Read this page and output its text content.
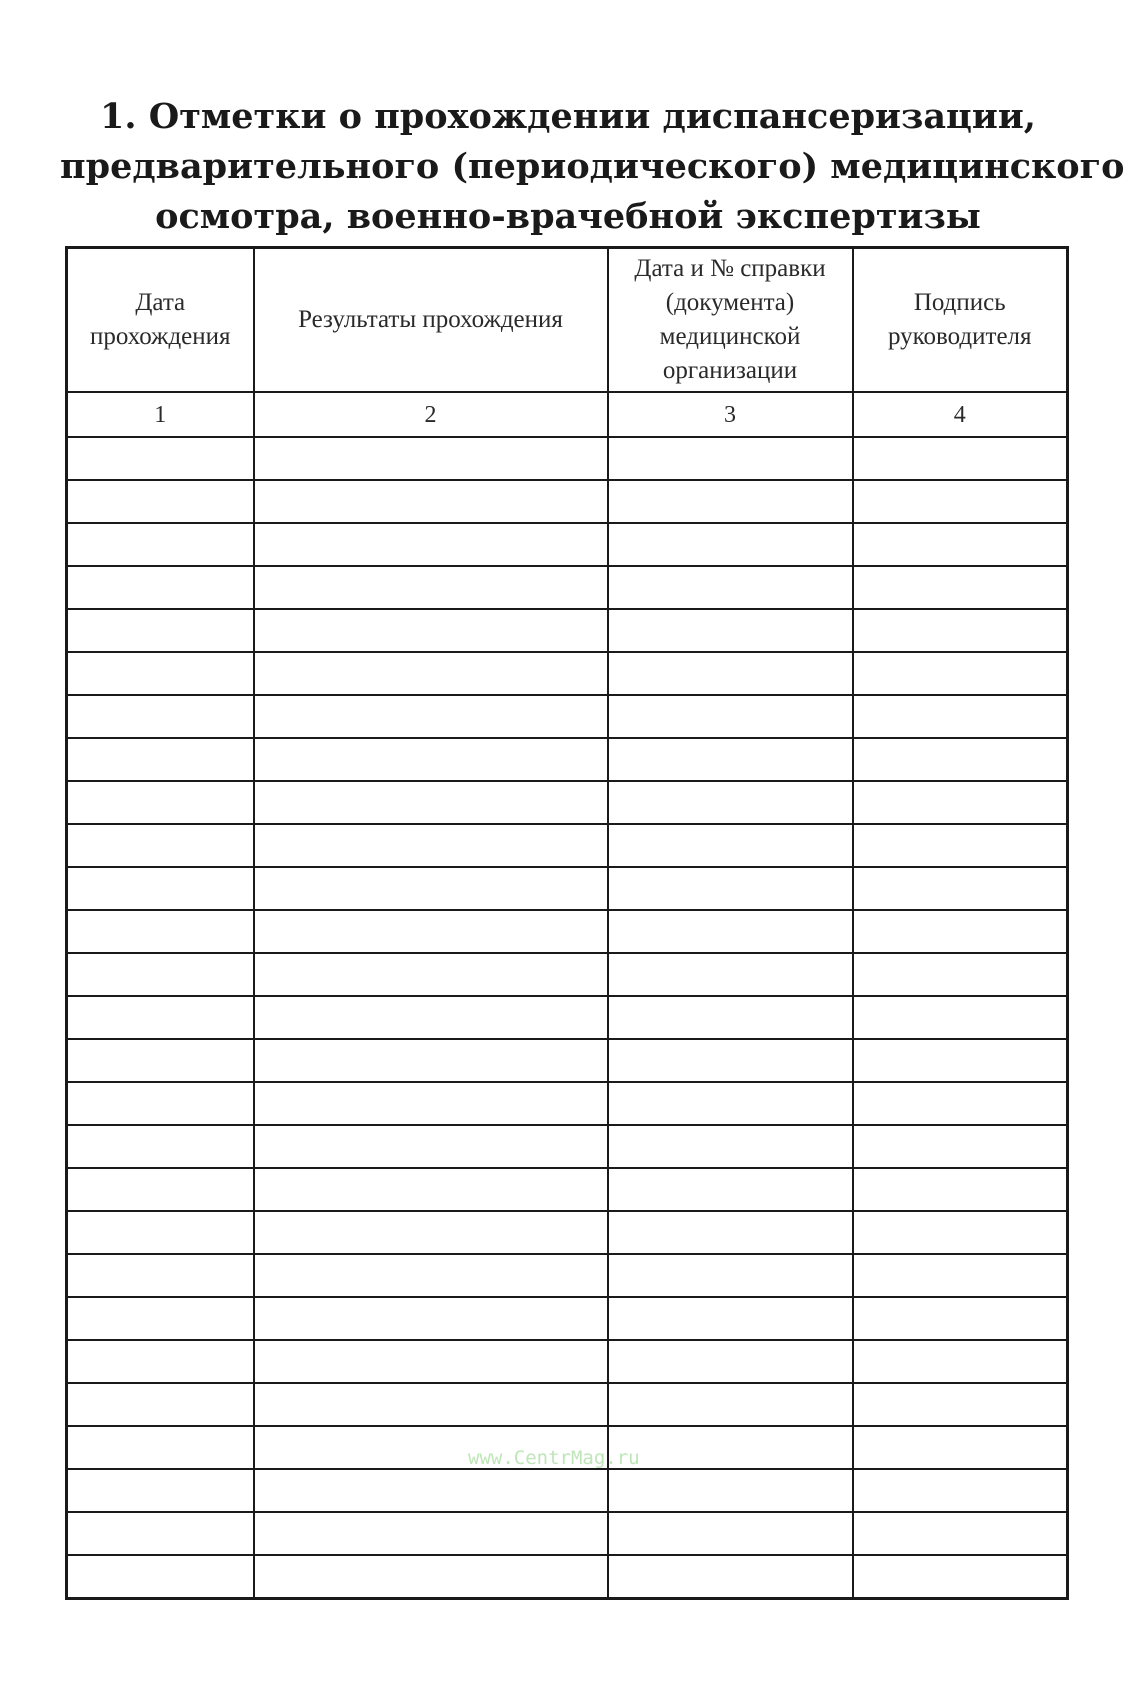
1. Отметки о прохождении диспансеризации,
предварительного (периодического) медицинского
осмотра, военно-врачебной экспертизы
Дата прохождения	Результаты прохождения	Дата и № справки (документа) медицинской организации	Подпись руководителя
1	2	3	4

www.CentrMag.ru
